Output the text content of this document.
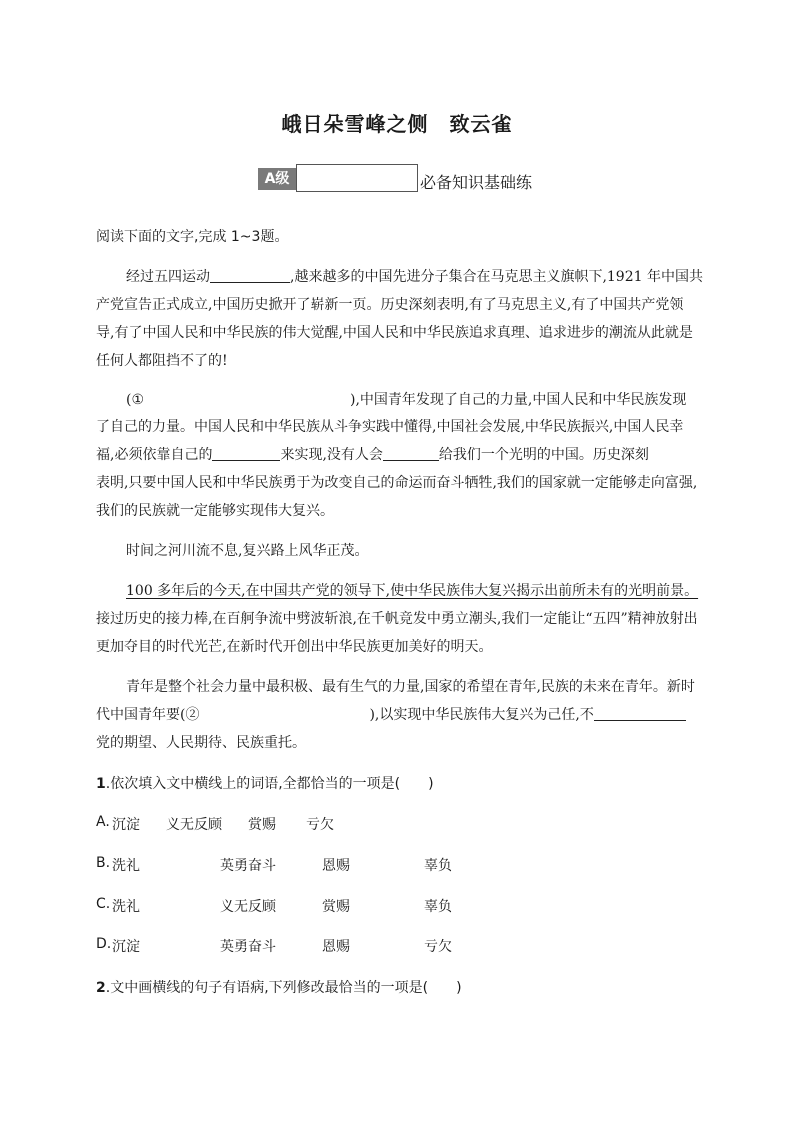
峨日朵雪峰之侧　致云雀
A级	必备知识基础练
阅读下面的文字,完成 1~3题。
经过五四运动	,越来越多的中国先进分子集合在马克思主义旗帜下,1921 年中国共
产党宣告正式成立,中国历史掀开了崭新一页。历史深刻表明,有了马克思主义,有了中国共产党领
导,有了中国人民和中华民族的伟大觉醒,中国人民和中华民族追求真理、追求进步的潮流从此就是
任何人都阻挡不了的!
(①	),中国青年发现了自己的力量,中国人民和中华民族发现
了自己的力量。中国人民和中华民族从斗争实践中懂得,中国社会发展,中华民族振兴,中国人民幸
福,必须依靠自己的	来实现,没有人会	给我们一个光明的中国。历史深刻
表明,只要中国人民和中华民族勇于为改变自己的命运而奋斗牺牲,我们的国家就一定能够走向富强,
我们的民族就一定能够实现伟大复兴。
时间之河川流不息,复兴路上风华正茂。
100 多年后的今天,在中国共产党的领导下,使中华民族伟大复兴揭示出前所未有的光明前景。
接过历史的接力棒,在百舸争流中劈波斩浪,在千帆竞发中勇立潮头,我们一定能让“五四”精神放射出
更加夺目的时代光芒,在新时代开创出中华民族更加美好的明天。
青年是整个社会力量中最积极、最有生气的力量,国家的希望在青年,民族的未来在青年。新时
代中国青年要(②	),以实现中华民族伟大复兴为己任,不
党的期望、人民期待、民族重托。
1.依次填入文中横线上的词语,全都恰当的一项是(　　)
A. 沉淀 义无反顾 赏赐 亏欠
B. 洗礼	英勇奋斗	恩赐	辜负
C. 洗礼	义无反顾	赏赐	辜负
D. 沉淀	英勇奋斗	恩赐	亏欠
2.文中画横线的句子有语病,下列修改最恰当的一项是(　　)
